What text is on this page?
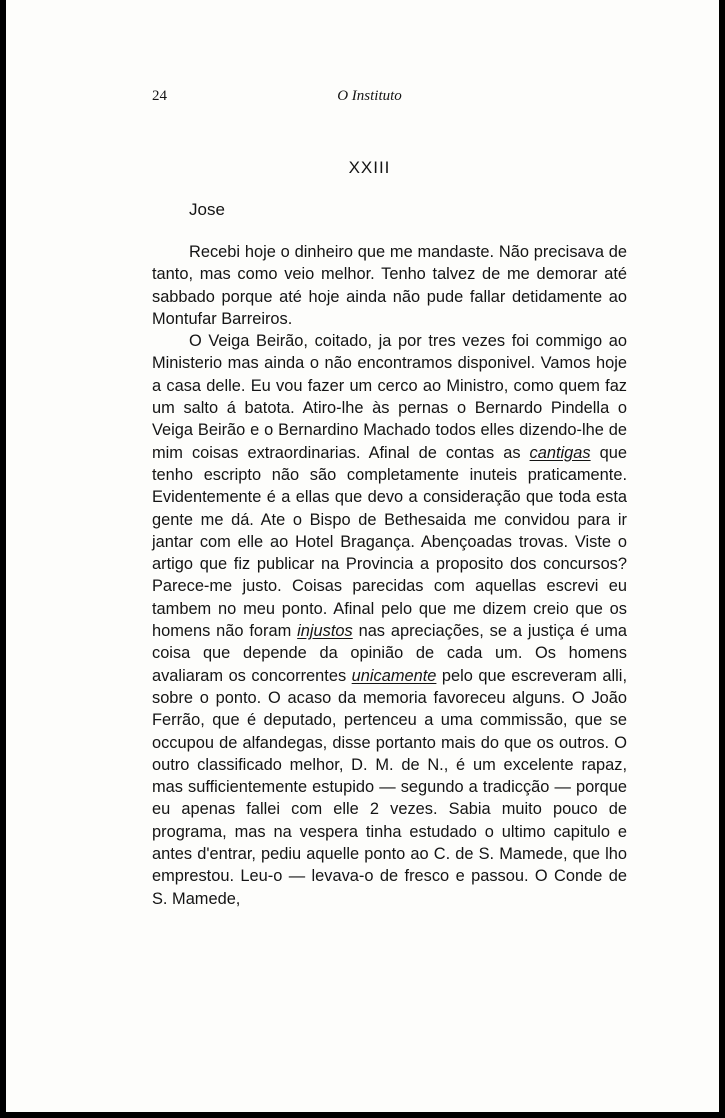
24	O Instituto
XXIII
Jose

Recebi hoje o dinheiro que me mandaste. Não precisava de tanto, mas como veio melhor. Tenho talvez de me demorar até sabbado porque até hoje ainda não pude fallar detidamente ao Montufar Barreiros.

O Veiga Beirão, coitado, ja por tres vezes foi commigo ao Ministerio mas ainda o não encontramos disponivel. Vamos hoje a casa delle. Eu vou fazer um cerco ao Ministro, como quem faz um salto á batota. Atiro-lhe às pernas o Bernardo Pindella o Veiga Beirão e o Bernardino Machado todos elles dizendo-lhe de mim coisas extraordinarias. Afinal de contas as cantigas que tenho escripto não são completamente inuteis praticamente. Evidentemente é a ellas que devo a consideração que toda esta gente me dá. Ate o Bispo de Bethesaida me convidou para ir jantar com elle ao Hotel Bragança. Abençoadas trovas. Viste o artigo que fiz publicar na Provincia a proposito dos concursos? Parece-me justo. Coisas parecidas com aquellas escrevi eu tambem no meu ponto. Afinal pelo que me dizem creio que os homens não foram injustos nas apreciações, se a justiça é uma coisa que depende da opinião de cada um. Os homens avaliaram os concorrentes unicamente pelo que escreveram alli, sobre o ponto. O acaso da memoria favoreceu alguns. O João Ferrão, que é deputado, pertenceu a uma commissão, que se occupou de alfandegas, disse portanto mais do que os outros. O outro classificado melhor, D. M. de N., é um excelente rapaz, mas sufficientemente estupido — segundo a tradicção — porque eu apenas fallei com elle 2 vezes. Sabia muito pouco de programa, mas na vespera tinha estudado o ultimo capitulo e antes d'entrar, pediu aquelle ponto ao C. de S. Mamede, que lho emprestou. Leu-o — levava-o de fresco e passou. O Conde de S. Mamede,
